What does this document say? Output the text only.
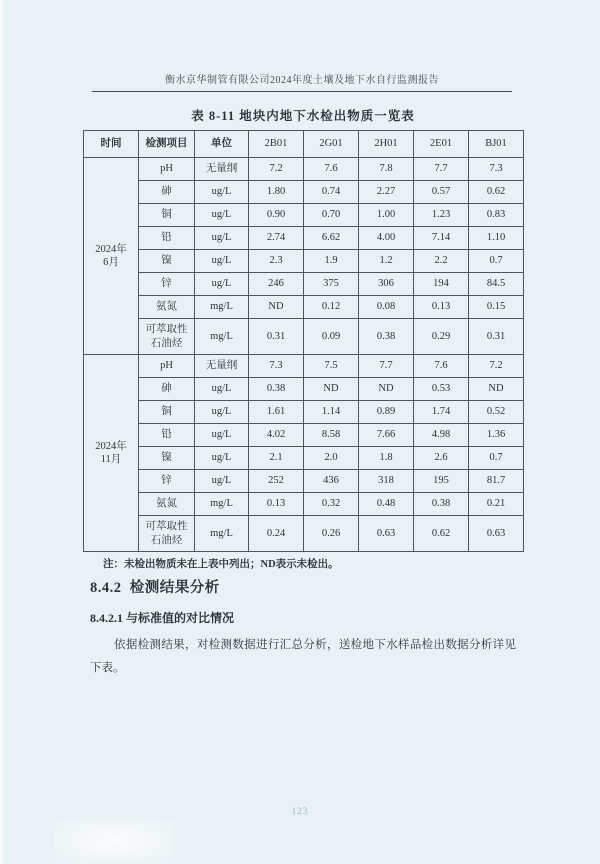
衡水京华制管有限公司2024年度土壤及地下水自行监测报告
表 8-11 地块内地下水检出物质一览表
时间	检测项目	单位	2B01	2G01	2H01	2E01	BJ01
2024年
6月	pH	无量纲	7.2	7.6	7.8	7.7	7.3
	砷	ug/L	1.80	0.74	2.27	0.57	0.62
	铜	ug/L	0.90	0.70	1.00	1.23	0.83
	铅	ug/L	2.74	6.62	4.00	7.14	1.10
	镍	ug/L	2.3	1.9	1.2	2.2	0.7
	锌	ug/L	246	375	306	194	84.5
	氨氮	mg/L	ND	0.12	0.08	0.13	0.15
	可萃取性石油烃	mg/L	0.31	0.09	0.38	0.29	0.31
2024年
11月	pH	无量纲	7.3	7.5	7.7	7.6	7.2
	砷	ug/L	0.38	ND	ND	0.53	ND
	铜	ug/L	1.61	1.14	0.89	1.74	0.52
	铅	ug/L	4.02	8.58	7.66	4.98	1.36
	镍	ug/L	2.1	2.0	1.8	2.6	0.7
	锌	ug/L	252	436	318	195	81.7
	氨氮	mg/L	0.13	0.32	0.48	0.38	0.21
	可萃取性石油烃	mg/L	0.24	0.26	0.63	0.62	0.63
注：未检出物质未在上表中列出；ND表示未检出。
8.4.2  检测结果分析
8.4.2.1 与标准值的对比情况
依据检测结果，对检测数据进行汇总分析，送检地下水样品检出数据分析详见下表。
123
